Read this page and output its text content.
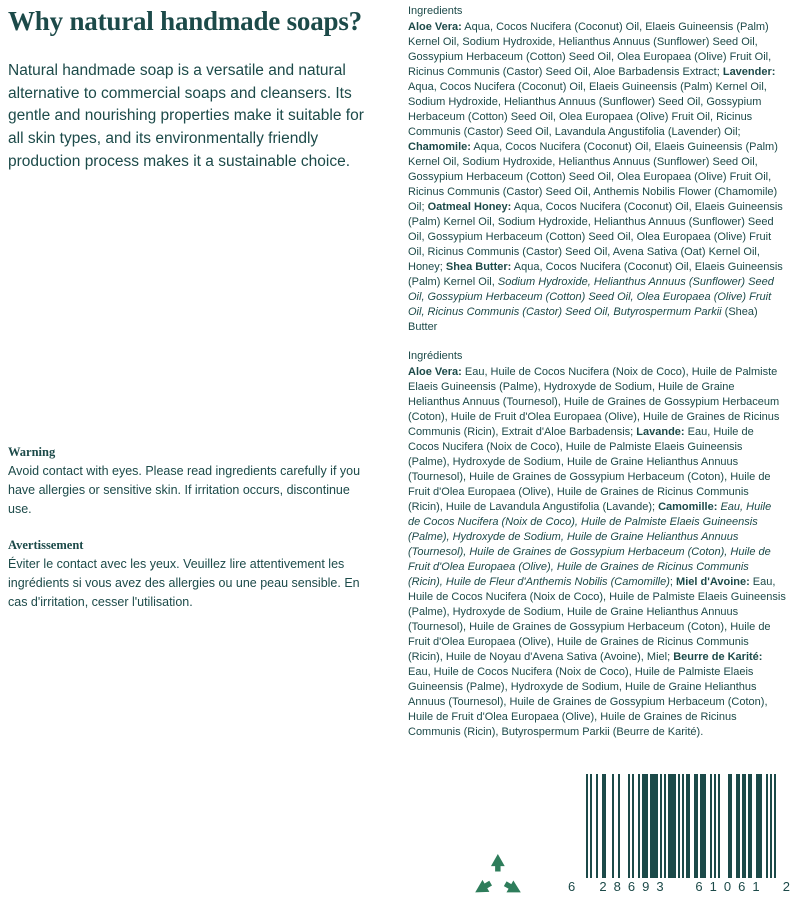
Why natural handmade soaps?

Natural handmade soap is a versatile and natural alternative to commercial soaps and cleansers. Its gentle and nourishing properties make it suitable for all skin types, and its environmentally friendly production process makes it a sustainable choice.

Warning

Avoid contact with eyes. Please read ingredients carefully if you have allergies or sensitive skin. If irritation occurs, discontinue use.

Avertissement

Éviter le contact avec les yeux. Veuillez lire attentivement les ingrédients si vous avez des allergies ou une peau sensible. En cas d'irritation, cesser l'utilisation.

Ingredients

Aloe Vera: Aqua, Cocos Nucifera (Coconut) Oil, Elaeis Guineensis (Palm) Kernel Oil, Sodium Hydroxide, Helianthus Annuus (Sunflower) Seed Oil, Gossypium Herbaceum (Cotton) Seed Oil, Olea Europaea (Olive) Fruit Oil, Ricinus Communis (Castor) Seed Oil, Aloe Barbadensis Extract; Lavender: Aqua, Cocos Nucifera (Coconut) Oil, Elaeis Guineensis (Palm) Kernel Oil, Sodium Hydroxide, Helianthus Annuus (Sunflower) Seed Oil, Gossypium Herbaceum (Cotton) Seed Oil, Olea Europaea (Olive) Fruit Oil, Ricinus Communis (Castor) Seed Oil, Lavandula Angustifolia (Lavender) Oil; Chamomile: Aqua, Cocos Nucifera (Coconut) Oil, Elaeis Guineensis (Palm) Kernel Oil, Sodium Hydroxide, Helianthus Annuus (Sunflower) Seed Oil, Gossypium Herbaceum (Cotton) Seed Oil, Olea Europaea (Olive) Fruit Oil, Ricinus Communis (Castor) Seed Oil, Anthemis Nobilis Flower (Chamomile) Oil; Oatmeal Honey: Aqua, Cocos Nucifera (Coconut) Oil, Elaeis Guineensis (Palm) Kernel Oil, Sodium Hydroxide, Helianthus Annuus (Sunflower) Seed Oil, Gossypium Herbaceum (Cotton) Seed Oil, Olea Europaea (Olive) Fruit Oil, Ricinus Communis (Castor) Seed Oil, Avena Sativa (Oat) Kernel Oil, Honey; Shea Butter: Aqua, Cocos Nucifera (Coconut) Oil, Elaeis Guineensis (Palm) Kernel Oil, Sodium Hydroxide, Helianthus Annuus (Sunflower) Seed Oil, Gossypium Herbaceum (Cotton) Seed Oil, Olea Europaea (Olive) Fruit Oil, Ricinus Communis (Castor) Seed Oil, Butyrospermum Parkii (Shea) Butter

Ingrédients

Aloe Vera: Eau, Huile de Cocos Nucifera (Noix de Coco), Huile de Palmiste Elaeis Guineensis (Palme), Hydroxyde de Sodium, Huile de Graine Helianthus Annuus (Tournesol), Huile de Graines de Gossypium Herbaceum (Coton), Huile de Fruit d'Olea Europaea (Olive), Huile de Graines de Ricinus Communis (Ricin), Extrait d'Aloe Barbadensis; Lavande: Eau, Huile de Cocos Nucifera (Noix de Coco), Huile de Palmiste Elaeis Guineensis (Palme), Hydroxyde de Sodium, Huile de Graine Helianthus Annuus (Tournesol), Huile de Graines de Gossypium Herbaceum (Coton), Huile de Fruit d'Olea Europaea (Olive), Huile de Graines de Ricinus Communis (Ricin), Huile de Lavandula Angustifolia (Lavande); Camomille: Eau, Huile de Cocos Nucifera (Noix de Coco), Huile de Palmiste Elaeis Guineensis (Palme), Hydroxyde de Sodium, Huile de Graine Helianthus Annuus (Tournesol), Huile de Graines de Gossypium Herbaceum (Coton), Huile de Fruit d'Olea Europaea (Olive), Huile de Graines de Ricinus Communis (Ricin), Huile de Fleur d'Anthemis Nobilis (Camomille); Miel d'Avoine: Eau, Huile de Cocos Nucifera (Noix de Coco), Huile de Palmiste Elaeis Guineensis (Palme), Hydroxyde de Sodium, Huile de Graine Helianthus Annuus (Tournesol), Huile de Graines de Gossypium Herbaceum (Coton), Huile de Fruit d'Olea Europaea (Olive), Huile de Graines de Ricinus Communis (Ricin), Huile de Noyau d'Avena Sativa (Avoine), Miel; Beurre de Karité: Eau, Huile de Cocos Nucifera (Noix de Coco), Huile de Palmiste Elaeis Guineensis (Palme), Hydroxyde de Sodium, Huile de Graine Helianthus Annuus (Tournesol), Huile de Graines de Gossypium Herbaceum (Coton), Huile de Fruit d'Olea Europaea (Olive), Huile de Graines de Ricinus Communis (Ricin), Butyrospermum Parkii (Beurre de Karité).

6	28693	61061	2
